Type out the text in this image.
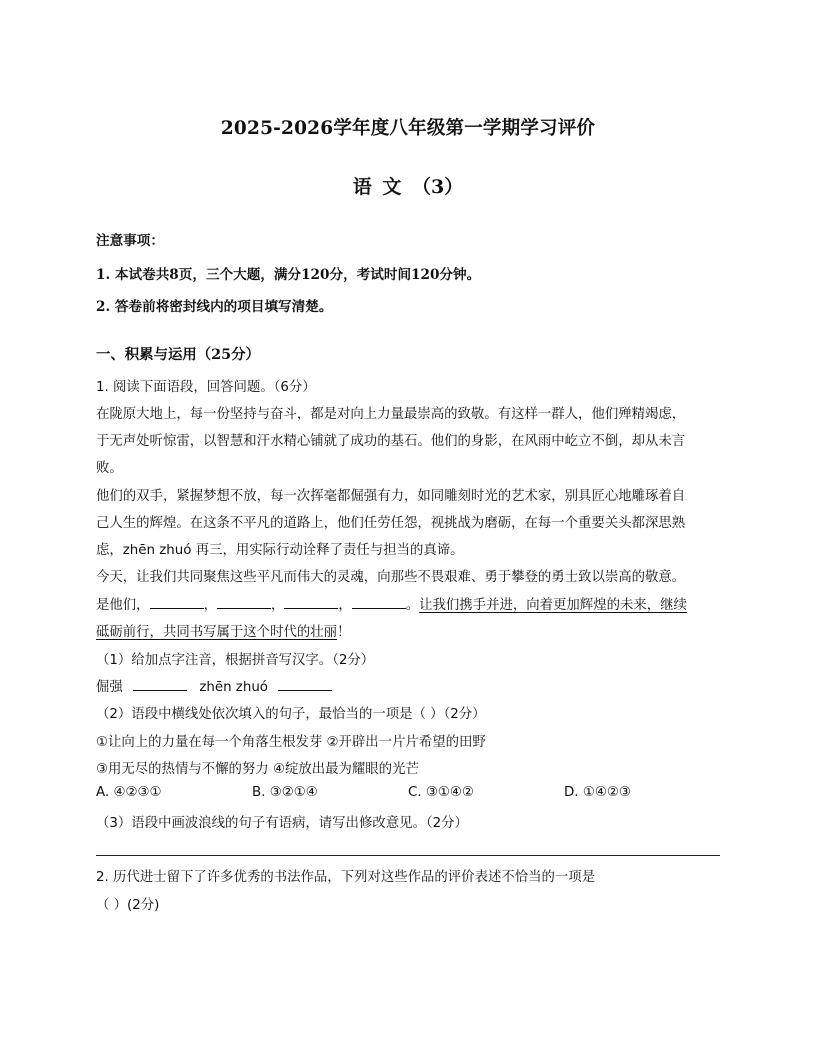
2025-2026学年度八年级第一学期学习评价
语 文 （3）
注意事项：
1. 本试卷共8页，三个大题，满分120分，考试时间120分钟。
2. 答卷前将密封线内的项目填写清楚。
一、积累与运用（25分）
1. 阅读下面语段，回答问题。（6分）
在陇原大地上，每一份坚持与奋斗，都是对向上力量最崇高的致敬。有这样一群人，他们殚精竭虑，
于无声处听惊雷，以智慧和汗水精心铺就了成功的基石。他们的身影，在风雨中屹立不倒，却从未言
败。
他们的双手，紧握梦想不放，每一次挥毫都倔强有力，如同雕刻时光的艺术家，别具匠心地雕琢着自
己人生的辉煌。在这条不平凡的道路上，他们任劳任怨，视挑战为磨砺，在每一个重要关头都深思熟
虑，zhēn zhuó 再三，用实际行动诠释了责任与担当的真谛。
今天，让我们共同聚焦这些平凡而伟大的灵魂，向那些不畏艰难、勇于攀登的勇士致以崇高的敬意。
是他们，	，	，	，	。让我们携手并进，向着更加辉煌的未来，继续
砥砺前行，共同书写属于这个时代的壮丽！
（1）给加点字注音，根据拼音写汉字。（2分）
倔强	zhēn zhuó
（2）语段中横线处依次填入的句子，最恰当的一项是（ ）（2分）
①让向上的力量在每一个角落生根发芽 ②开辟出一片片希望的田野
③用无尽的热情与不懈的努力 ④绽放出最为耀眼的光芒
A. ④②③①	B. ③②①④	C. ③①④②	D. ①④②③
（3）语段中画波浪线的句子有语病，请写出修改意见。（2分）
2. 历代进士留下了许多优秀的书法作品，下列对这些作品的评价表述不恰当的一项是
（ ）(2分)
